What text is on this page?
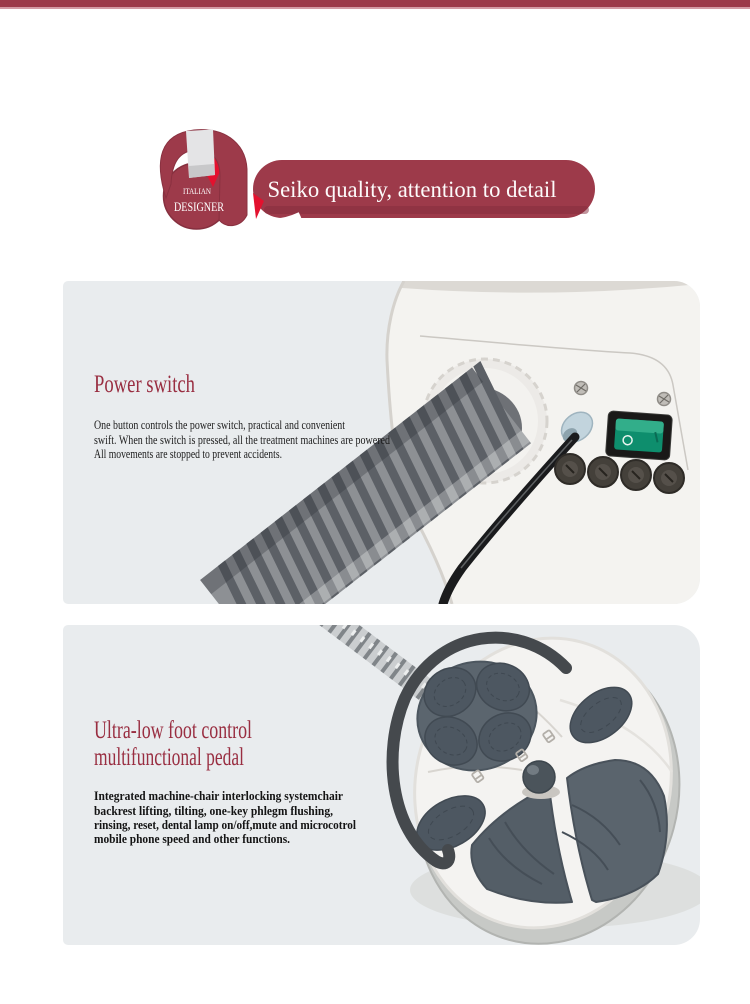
Seiko quality, attention to detail
ITALIAN
DESIGNER
Power switch
One button controls the power switch, practical and convenient
swift. When the switch is pressed, all the treatment machines are powered
All movements are stopped to prevent accidents.
Ultra-low foot control
multifunctional pedal
Integrated machine-chair interlocking systemchair
backrest lifting, tilting, one-key phlegm flushing,
rinsing, reset, dental lamp on/off,mute and microcotrol
mobile phone speed and other functions.
